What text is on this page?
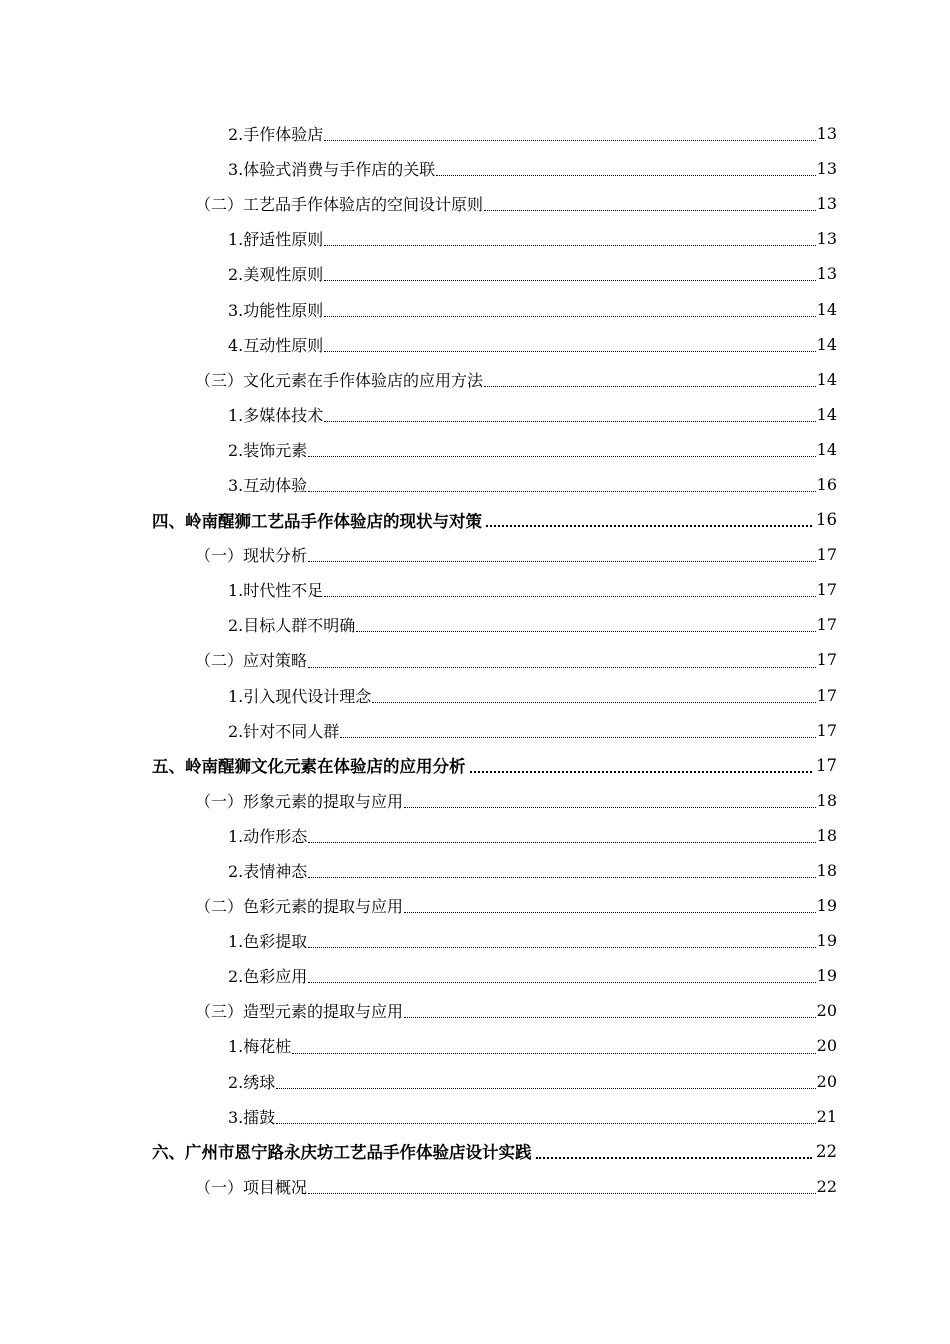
2.手作体验店	13
3.体验式消费与手作店的关联	13
（二）工艺品手作体验店的空间设计原则	13
1.舒适性原则	13
2.美观性原则	13
3.功能性原则	14
4.互动性原则	14
（三）文化元素在手作体验店的应用方法	14
1.多媒体技术	14
2.装饰元素	14
3.互动体验	16
四、岭南醒狮工艺品手作体验店的现状与对策	16
（一）现状分析	17
1.时代性不足	17
2.目标人群不明确	17
（二）应对策略	17
1.引入现代设计理念	17
2.针对不同人群	17
五、岭南醒狮文化元素在体验店的应用分析	17
（一）形象元素的提取与应用	18
1.动作形态	18
2.表情神态	18
（二）色彩元素的提取与应用	19
1.色彩提取	19
2.色彩应用	19
（三）造型元素的提取与应用	20
1.梅花桩	20
2.绣球	20
3.擂鼓	21
六、广州市恩宁路永庆坊工艺品手作体验店设计实践	22
（一）项目概况	22
